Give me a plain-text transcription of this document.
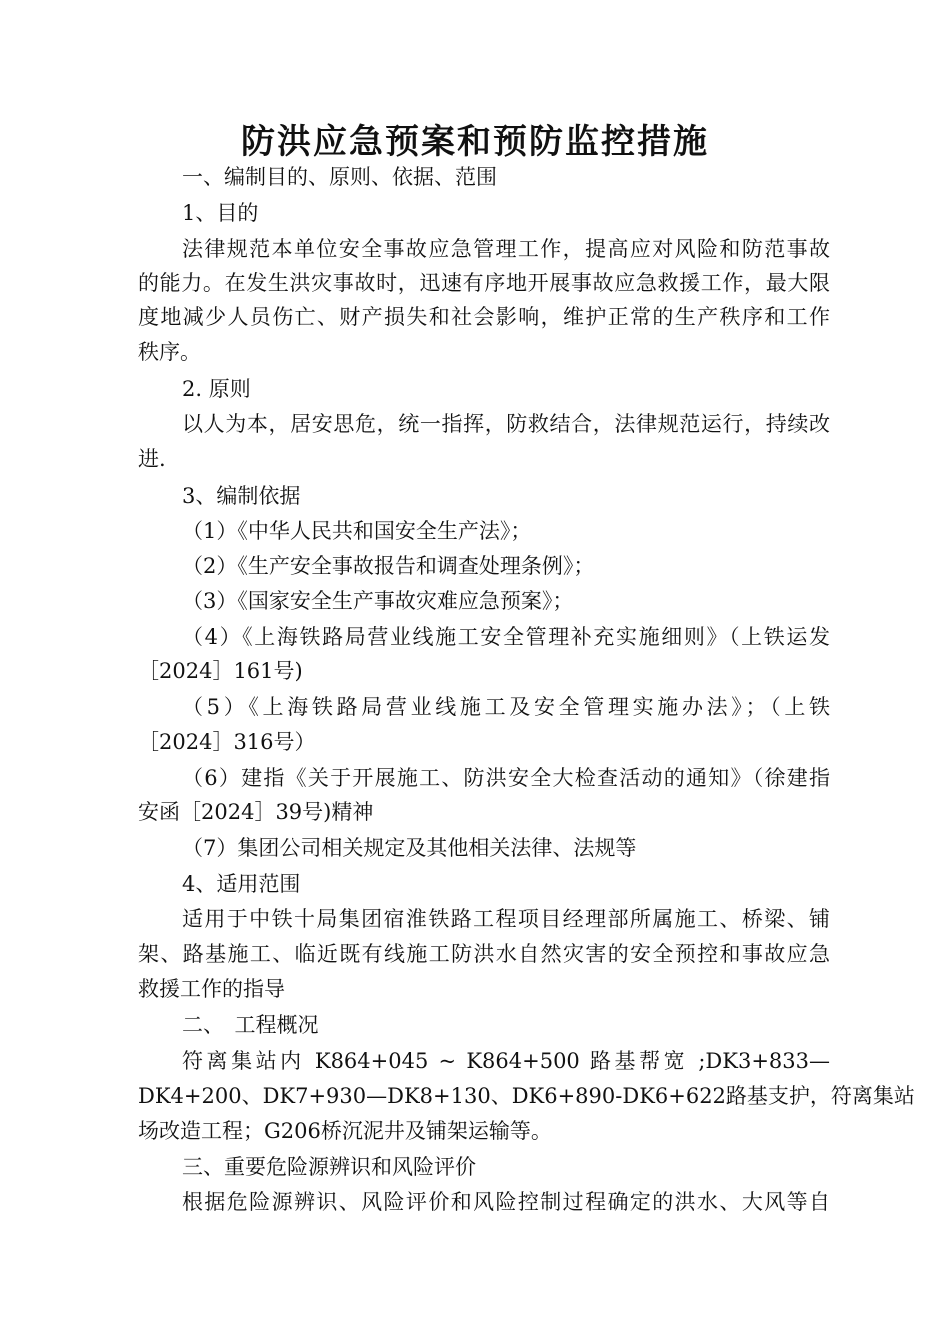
防洪应急预案和预防监控措施
一、编制目的、原则、依据、范围
1、目的
法律规范本单位安全事故应急管理工作，提高应对风险和防范事故
的能力。在发生洪灾事故时，迅速有序地开展事故应急救援工作，最大限
度地减少人员伤亡、财产损失和社会影响，维护正常的生产秩序和工作
秩序。
2. 原则
以人为本，居安思危，统一指挥，防救结合，法律规范运行，持续改
进.
3、编制依据
（1）《中华人民共和国安全生产法》；
（2）《生产安全事故报告和调查处理条例》；
（3）《国家安全生产事故灾难应急预案》；
（4）《上海铁路局营业线施工安全管理补充实施细则》（上铁运发
［2024］161号)
（5）《上海铁路局营业线施工及安全管理实施办法》；（上铁
［2024］316号）
（6）建指《关于开展施工、防洪安全大检查活动的通知》（徐建指
安函［2024］39号)精神
（7）集团公司相关规定及其他相关法律、法规等
4、适用范围
适用于中铁十局集团宿淮铁路工程项目经理部所属施工、桥梁、铺
架、路基施工、临近既有线施工防洪水自然灾害的安全预控和事故应急
救援工作的指导
二、　工程概况
符离集站内 K864+045 ~ K864+500 路基帮宽 ;DK3+833—
DK4+200、DK7+930—DK8+130、DK6+890-DK6+622路基支护，符离集站
场改造工程；G206桥沉泥井及铺架运输等。
三、重要危险源辨识和风险评价
根据危险源辨识、风险评价和风险控制过程确定的洪水、大风等自
